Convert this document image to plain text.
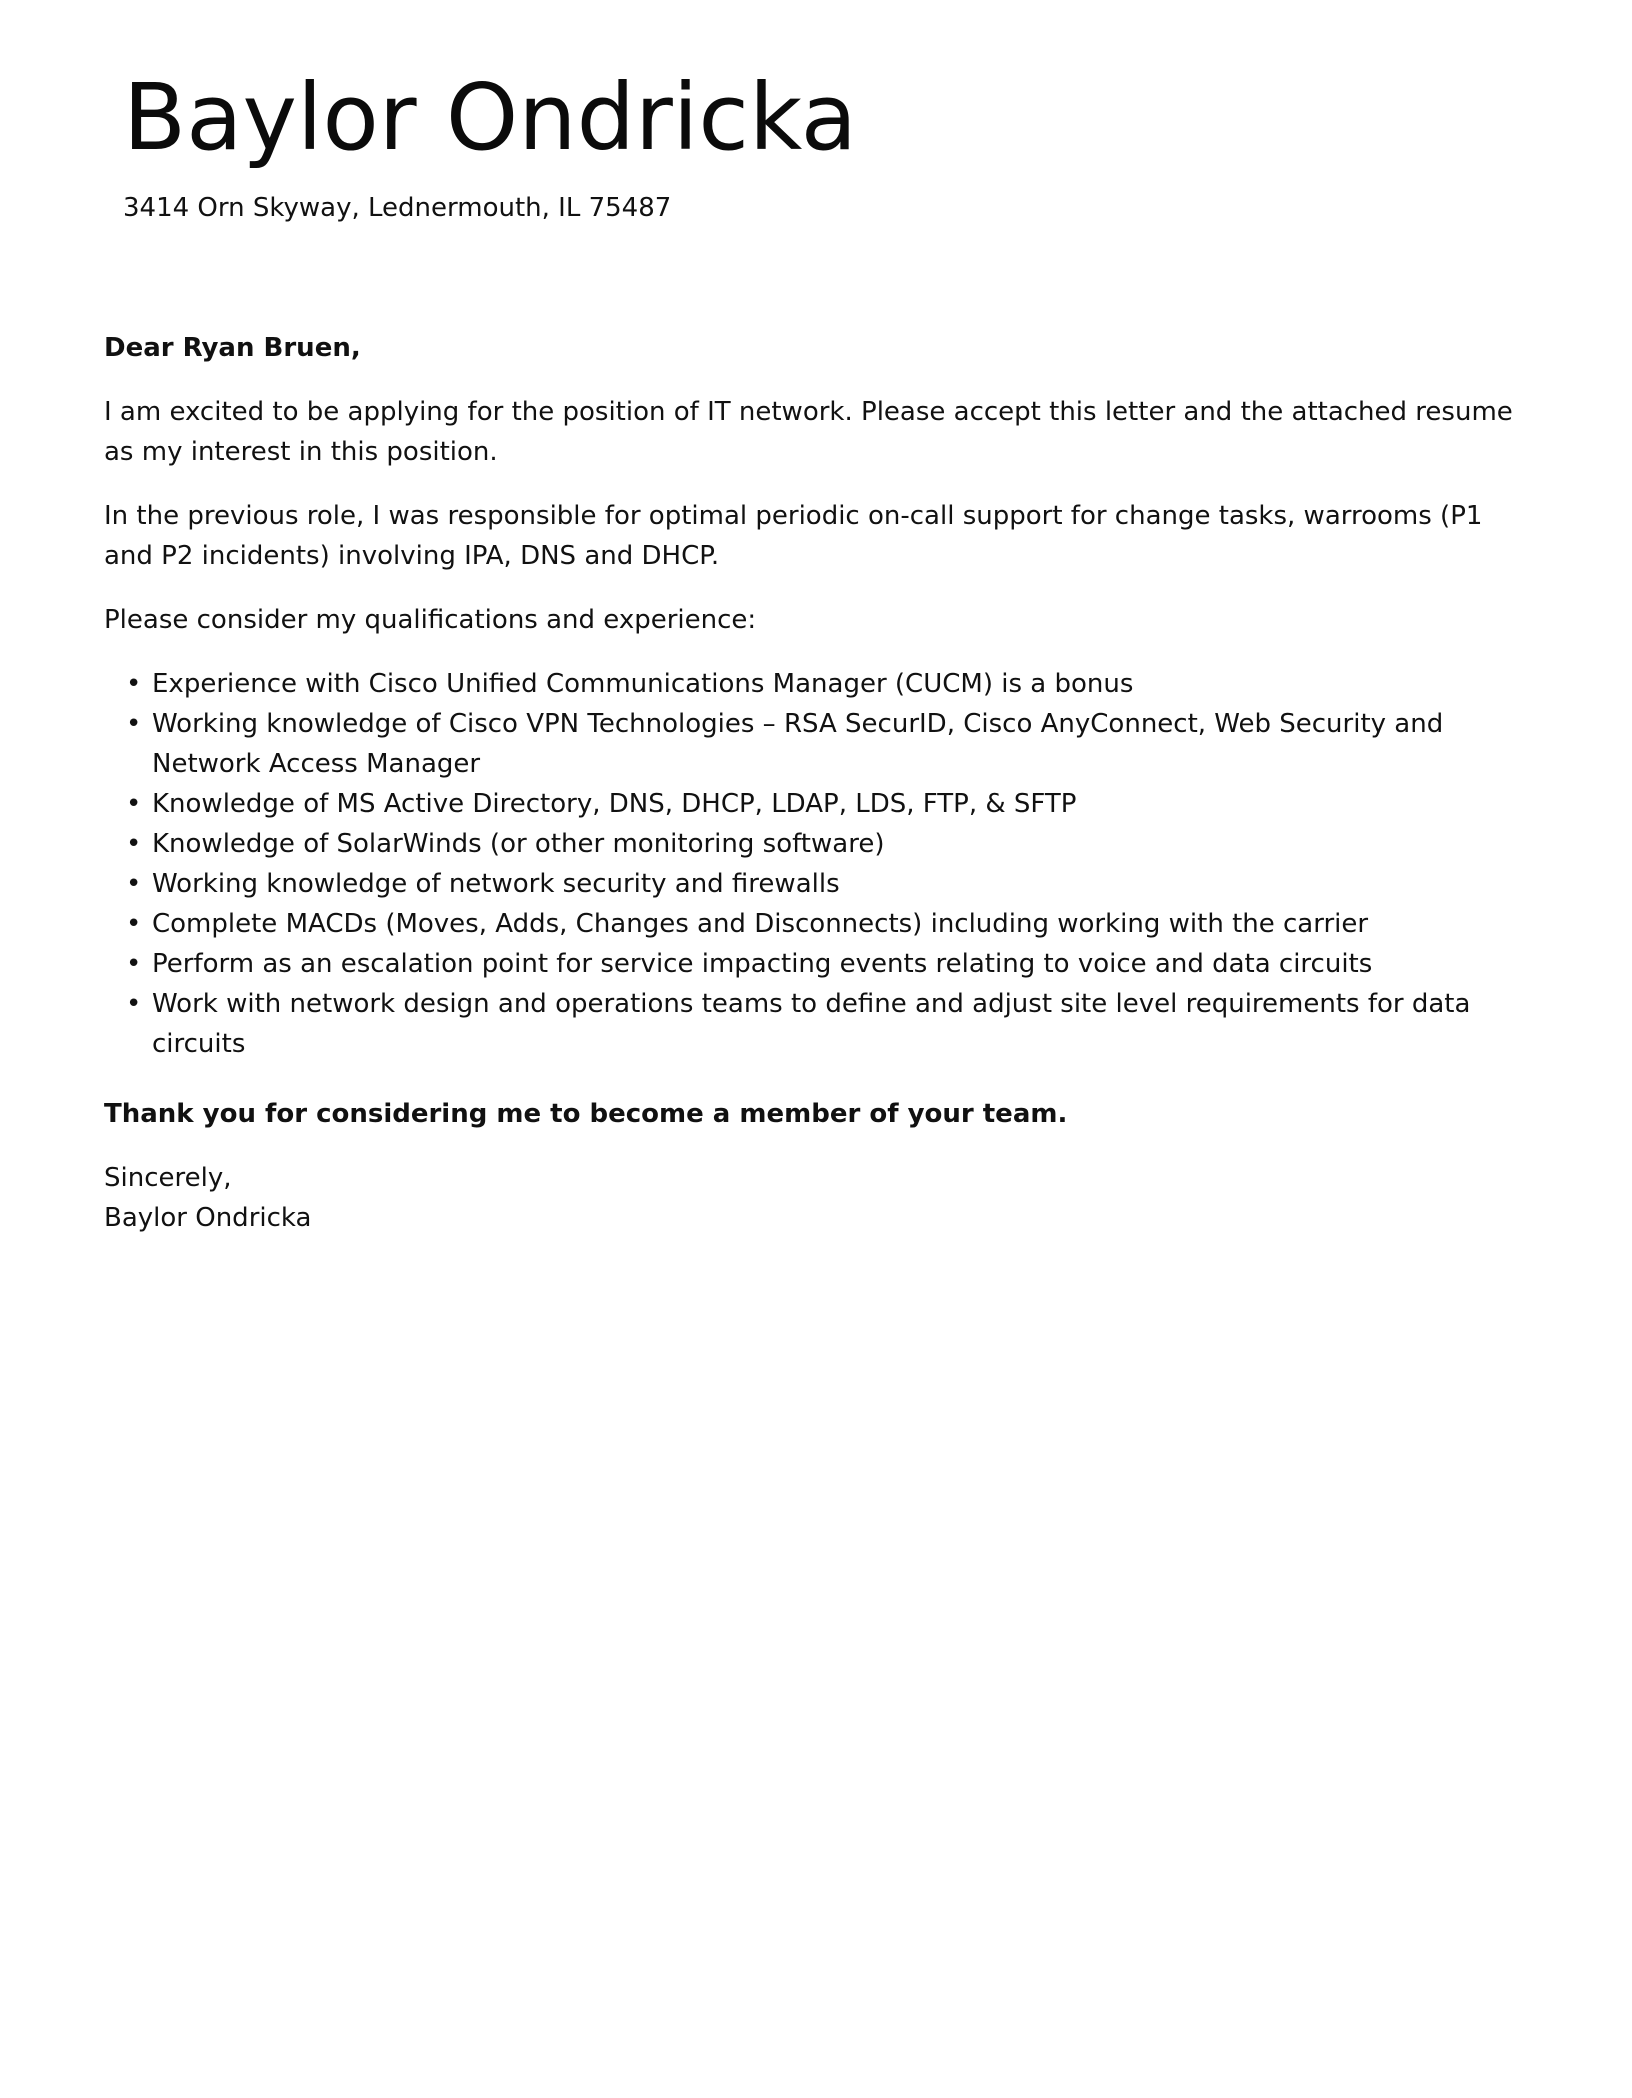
Baylor Ondricka
3414 Orn Skyway, Lednermouth, IL 75487

Dear Ryan Bruen,

I am excited to be applying for the position of IT network. Please accept this letter and the attached resume as my interest in this position.

In the previous role, I was responsible for optimal periodic on-call support for change tasks, warrooms (P1 and P2 incidents) involving IPA, DNS and DHCP.

Please consider my qualifications and experience:

• Experience with Cisco Unified Communications Manager (CUCM) is a bonus
• Working knowledge of Cisco VPN Technologies – RSA SecurID, Cisco AnyConnect, Web Security and Network Access Manager
• Knowledge of MS Active Directory, DNS, DHCP, LDAP, LDS, FTP, & SFTP
• Knowledge of SolarWinds (or other monitoring software)
• Working knowledge of network security and firewalls
• Complete MACDs (Moves, Adds, Changes and Disconnects) including working with the carrier
• Perform as an escalation point for service impacting events relating to voice and data circuits
• Work with network design and operations teams to define and adjust site level requirements for data circuits

Thank you for considering me to become a member of your team.

Sincerely,

Baylor Ondricka
